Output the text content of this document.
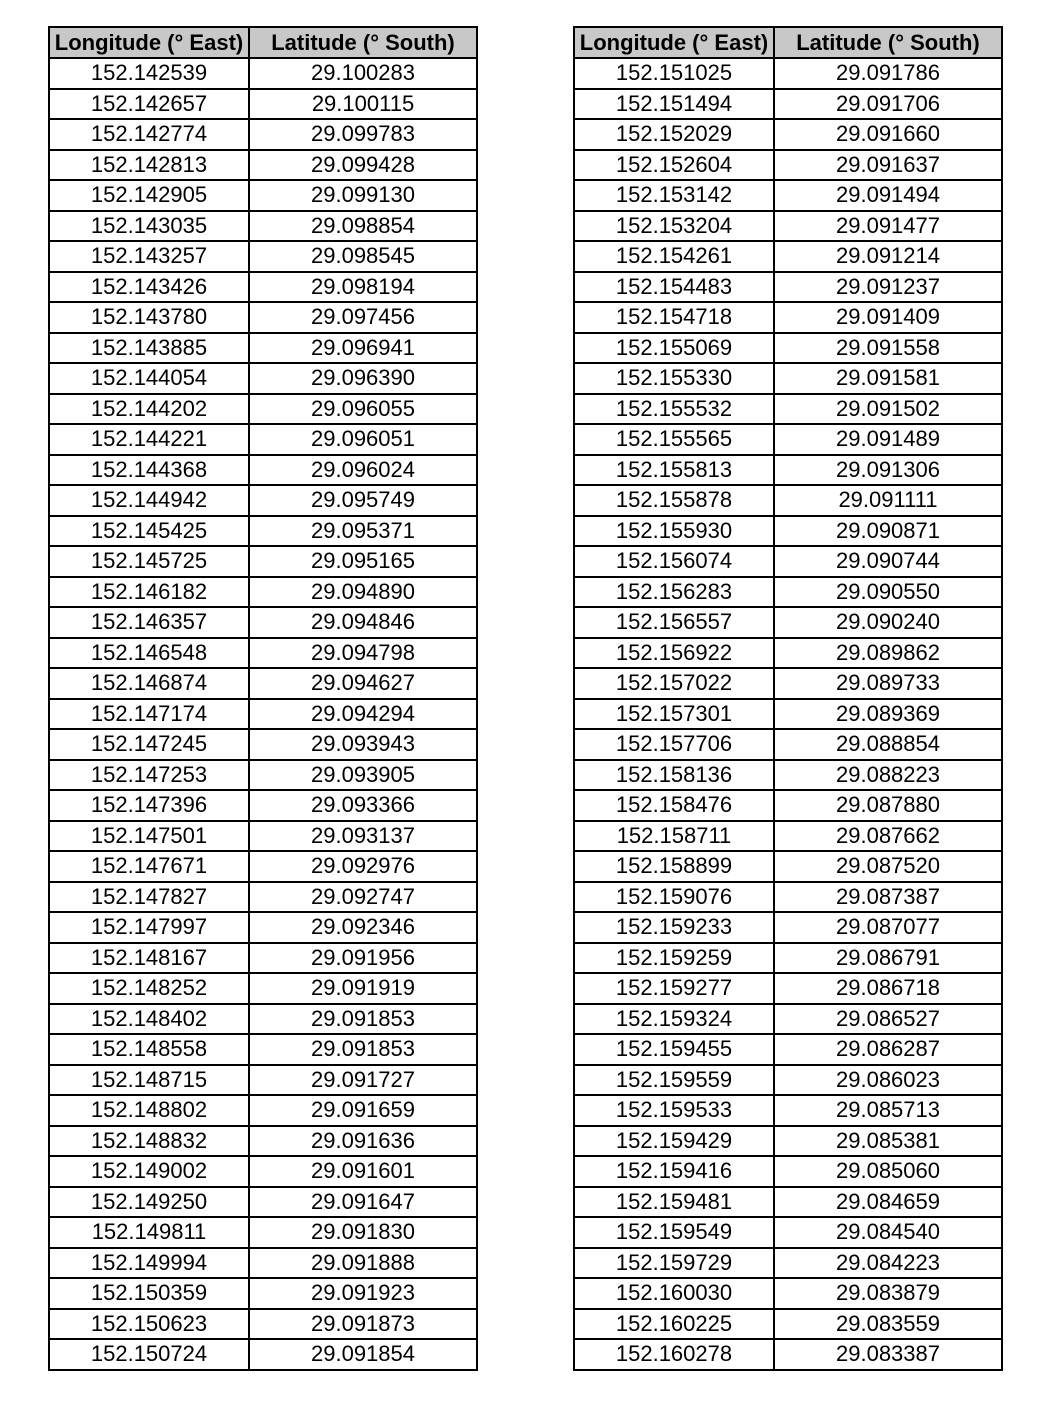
Longitude (° East)	Latitude (° South)
152.142539	29.100283
152.142657	29.100115
152.142774	29.099783
152.142813	29.099428
152.142905	29.099130
152.143035	29.098854
152.143257	29.098545
152.143426	29.098194
152.143780	29.097456
152.143885	29.096941
152.144054	29.096390
152.144202	29.096055
152.144221	29.096051
152.144368	29.096024
152.144942	29.095749
152.145425	29.095371
152.145725	29.095165
152.146182	29.094890
152.146357	29.094846
152.146548	29.094798
152.146874	29.094627
152.147174	29.094294
152.147245	29.093943
152.147253	29.093905
152.147396	29.093366
152.147501	29.093137
152.147671	29.092976
152.147827	29.092747
152.147997	29.092346
152.148167	29.091956
152.148252	29.091919
152.148402	29.091853
152.148558	29.091853
152.148715	29.091727
152.148802	29.091659
152.148832	29.091636
152.149002	29.091601
152.149250	29.091647
152.149811	29.091830
152.149994	29.091888
152.150359	29.091923
152.150623	29.091873
152.150724	29.091854
Longitude (° East)	Latitude (° South)
152.151025	29.091786
152.151494	29.091706
152.152029	29.091660
152.152604	29.091637
152.153142	29.091494
152.153204	29.091477
152.154261	29.091214
152.154483	29.091237
152.154718	29.091409
152.155069	29.091558
152.155330	29.091581
152.155532	29.091502
152.155565	29.091489
152.155813	29.091306
152.155878	29.091111
152.155930	29.090871
152.156074	29.090744
152.156283	29.090550
152.156557	29.090240
152.156922	29.089862
152.157022	29.089733
152.157301	29.089369
152.157706	29.088854
152.158136	29.088223
152.158476	29.087880
152.158711	29.087662
152.158899	29.087520
152.159076	29.087387
152.159233	29.087077
152.159259	29.086791
152.159277	29.086718
152.159324	29.086527
152.159455	29.086287
152.159559	29.086023
152.159533	29.085713
152.159429	29.085381
152.159416	29.085060
152.159481	29.084659
152.159549	29.084540
152.159729	29.084223
152.160030	29.083879
152.160225	29.083559
152.160278	29.083387
